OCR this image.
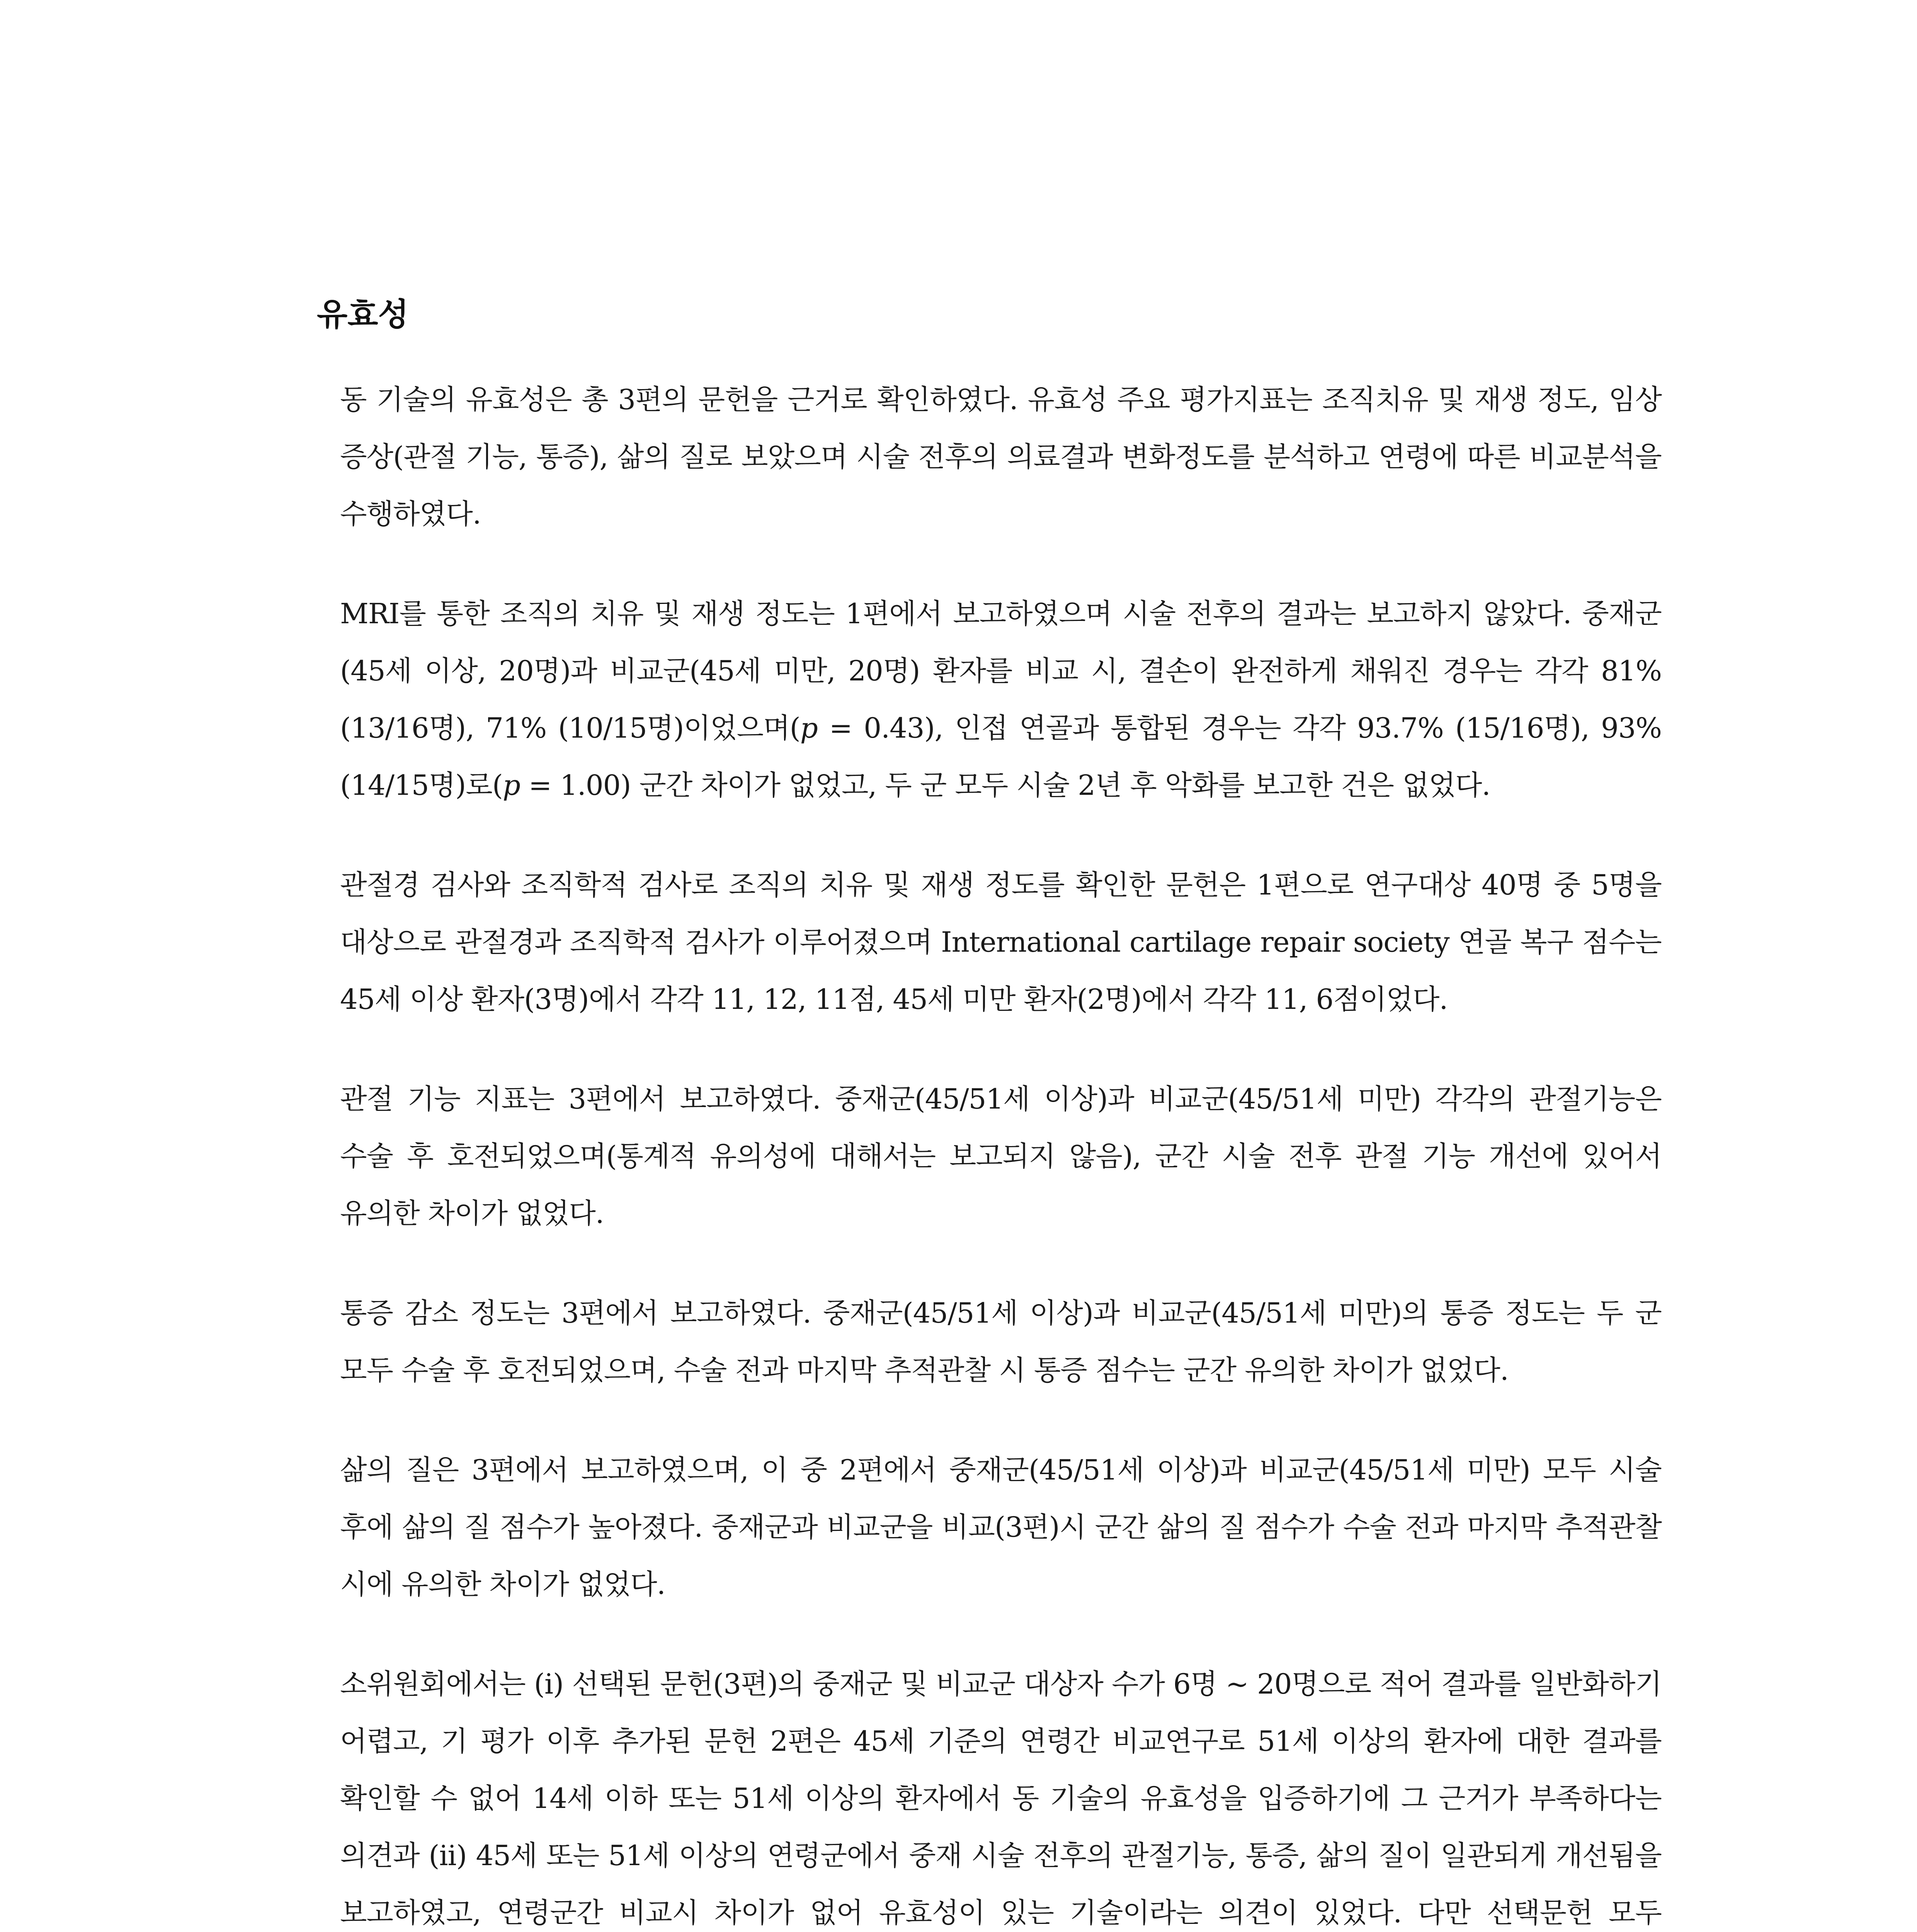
유효성

동 기술의 유효성은 총 3편의 문헌을 근거로 확인하였다. 유효성 주요 평가지표는 조직치유 및 재생 정도, 임상 증상(관절 기능, 통증), 삶의 질로 보았으며 시술 전후의 의료결과 변화정도를 분석하고 연령에 따른 비교분석을 수행하였다.

MRI를 통한 조직의 치유 및 재생 정도는 1편에서 보고하였으며 시술 전후의 결과는 보고하지 않았다. 중재군(45세 이상, 20명)과 비교군(45세 미만, 20명) 환자를 비교 시, 결손이 완전하게 채워진 경우는 각각 81% (13/16명), 71% (10/15명)이었으며(p = 0.43), 인접 연골과 통합된 경우는 각각 93.7% (15/16명), 93% (14/15명)로(p = 1.00) 군간 차이가 없었고, 두 군 모두 시술 2년 후 악화를 보고한 건은 없었다.

관절경 검사와 조직학적 검사로 조직의 치유 및 재생 정도를 확인한 문헌은 1편으로 연구대상 40명 중 5명을 대상으로 관절경과 조직학적 검사가 이루어졌으며 International cartilage repair society 연골 복구 점수는 45세 이상 환자(3명)에서 각각 11, 12, 11점, 45세 미만 환자(2명)에서 각각 11, 6점이었다.

관절 기능 지표는 3편에서 보고하였다. 중재군(45/51세 이상)과 비교군(45/51세 미만) 각각의 관절기능은 수술 후 호전되었으며(통계적 유의성에 대해서는 보고되지 않음), 군간 시술 전후 관절 기능 개선에 있어서 유의한 차이가 없었다.

통증 감소 정도는 3편에서 보고하였다. 중재군(45/51세 이상)과 비교군(45/51세 미만)의 통증 정도는 두 군 모두 수술 후 호전되었으며, 수술 전과 마지막 추적관찰 시 통증 점수는 군간 유의한 차이가 없었다.

삶의 질은 3편에서 보고하였으며, 이 중 2편에서 중재군(45/51세 이상)과 비교군(45/51세 미만) 모두 시술 후에 삶의 질 점수가 높아졌다. 중재군과 비교군을 비교(3편)시 군간 삶의 질 점수가 수술 전과 마지막 추적관찰 시에 유의한 차이가 없었다.

소위원회에서는 (i) 선택된 문헌(3편)의 중재군 및 비교군 대상자 수가 6명 ~ 20명으로 적어 결과를 일반화하기 어렵고, 기 평가 이후 추가된 문헌 2편은 45세 기준의 연령간 비교연구로 51세 이상의 환자에 대한 결과를 확인할 수 없어 14세 이하 또는 51세 이상의 환자에서 동 기술의 유효성을 입증하기에 그 근거가 부족하다는 의견과 (ii) 45세 또는 51세 이상의 연령군에서 중재 시술 전후의 관절기능, 통증, 삶의 질이 일관되게 개선됨을 보고하였고, 연령군간 비교시 차이가 없어 유효성이 있는 기술이라는 의견이 있었다. 다만 선택문헌 모두
